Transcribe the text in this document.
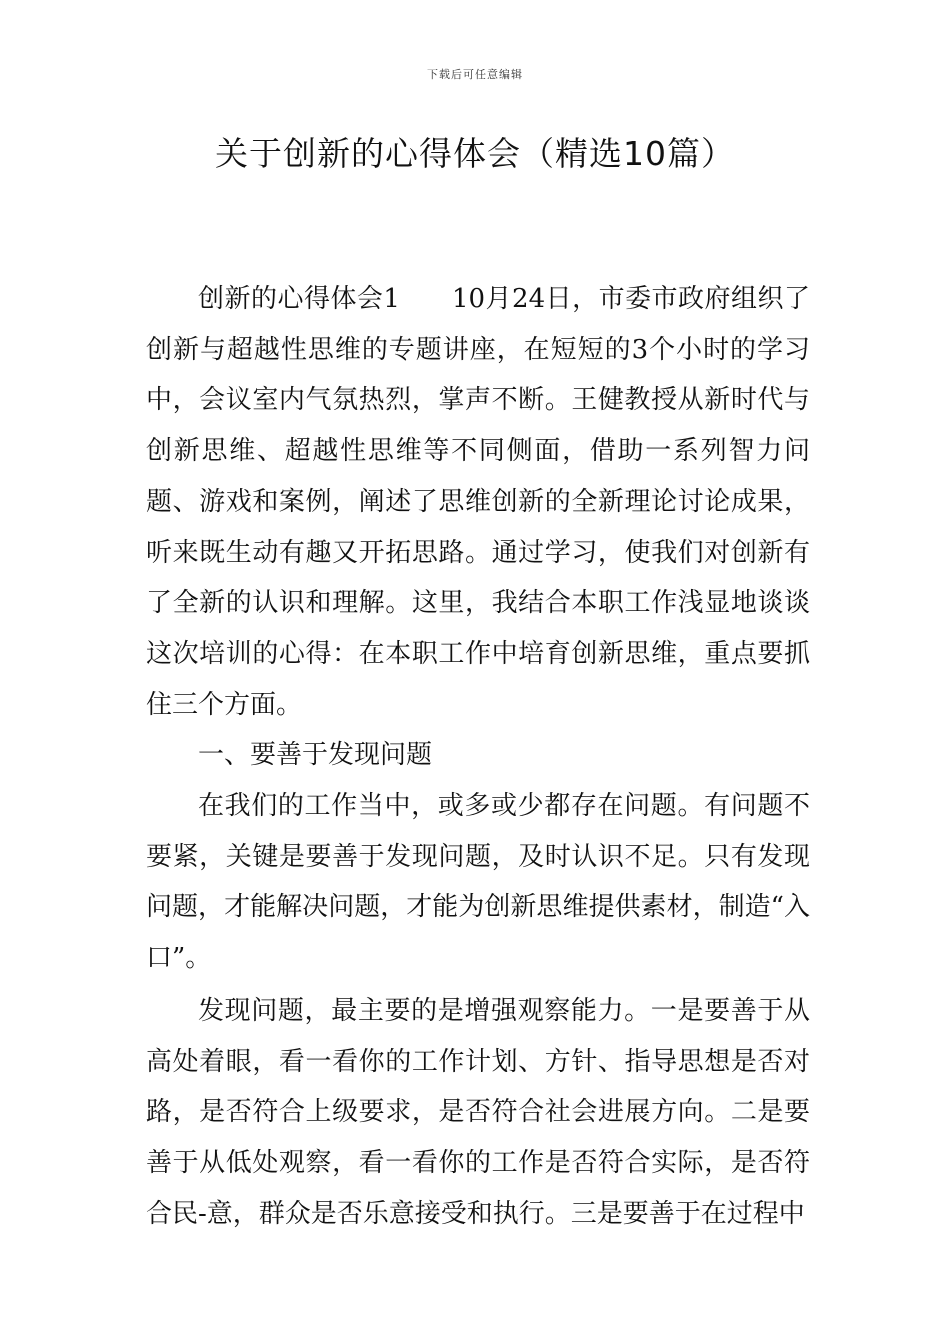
下载后可任意编辑
关于创新的心得体会（精选10篇）

创新的心得体会1 10月24日，市委市政府组织了创新与超越性思维的专题讲座，在短短的3个小时的学习中，会议室内气氛热烈，掌声不断。王健教授从新时代与创新思维、超越性思维等不同侧面，借助一系列智力问题、游戏和案例，阐述了思维创新的全新理论讨论成果，听来既生动有趣又开拓思路。通过学习，使我们对创新有了全新的认识和理解。这里，我结合本职工作浅显地谈谈这次培训的心得：在本职工作中培育创新思维，重点要抓住三个方面。

一、要善于发现问题

在我们的工作当中，或多或少都存在问题。有问题不要紧，关键是要善于发现问题，及时认识不足。只有发现问题，才能解决问题，才能为创新思维提供素材，制造“入口”。

发现问题，最主要的是增强观察能力。一是要善于从高处着眼，看一看你的工作计划、方针、指导思想是否对路，是否符合上级要求，是否符合社会进展方向。二是要善于从低处观察，看一看你的工作是否符合实际，是否符合民-意，群众是否乐意接受和执行。三是要善于在过程中
